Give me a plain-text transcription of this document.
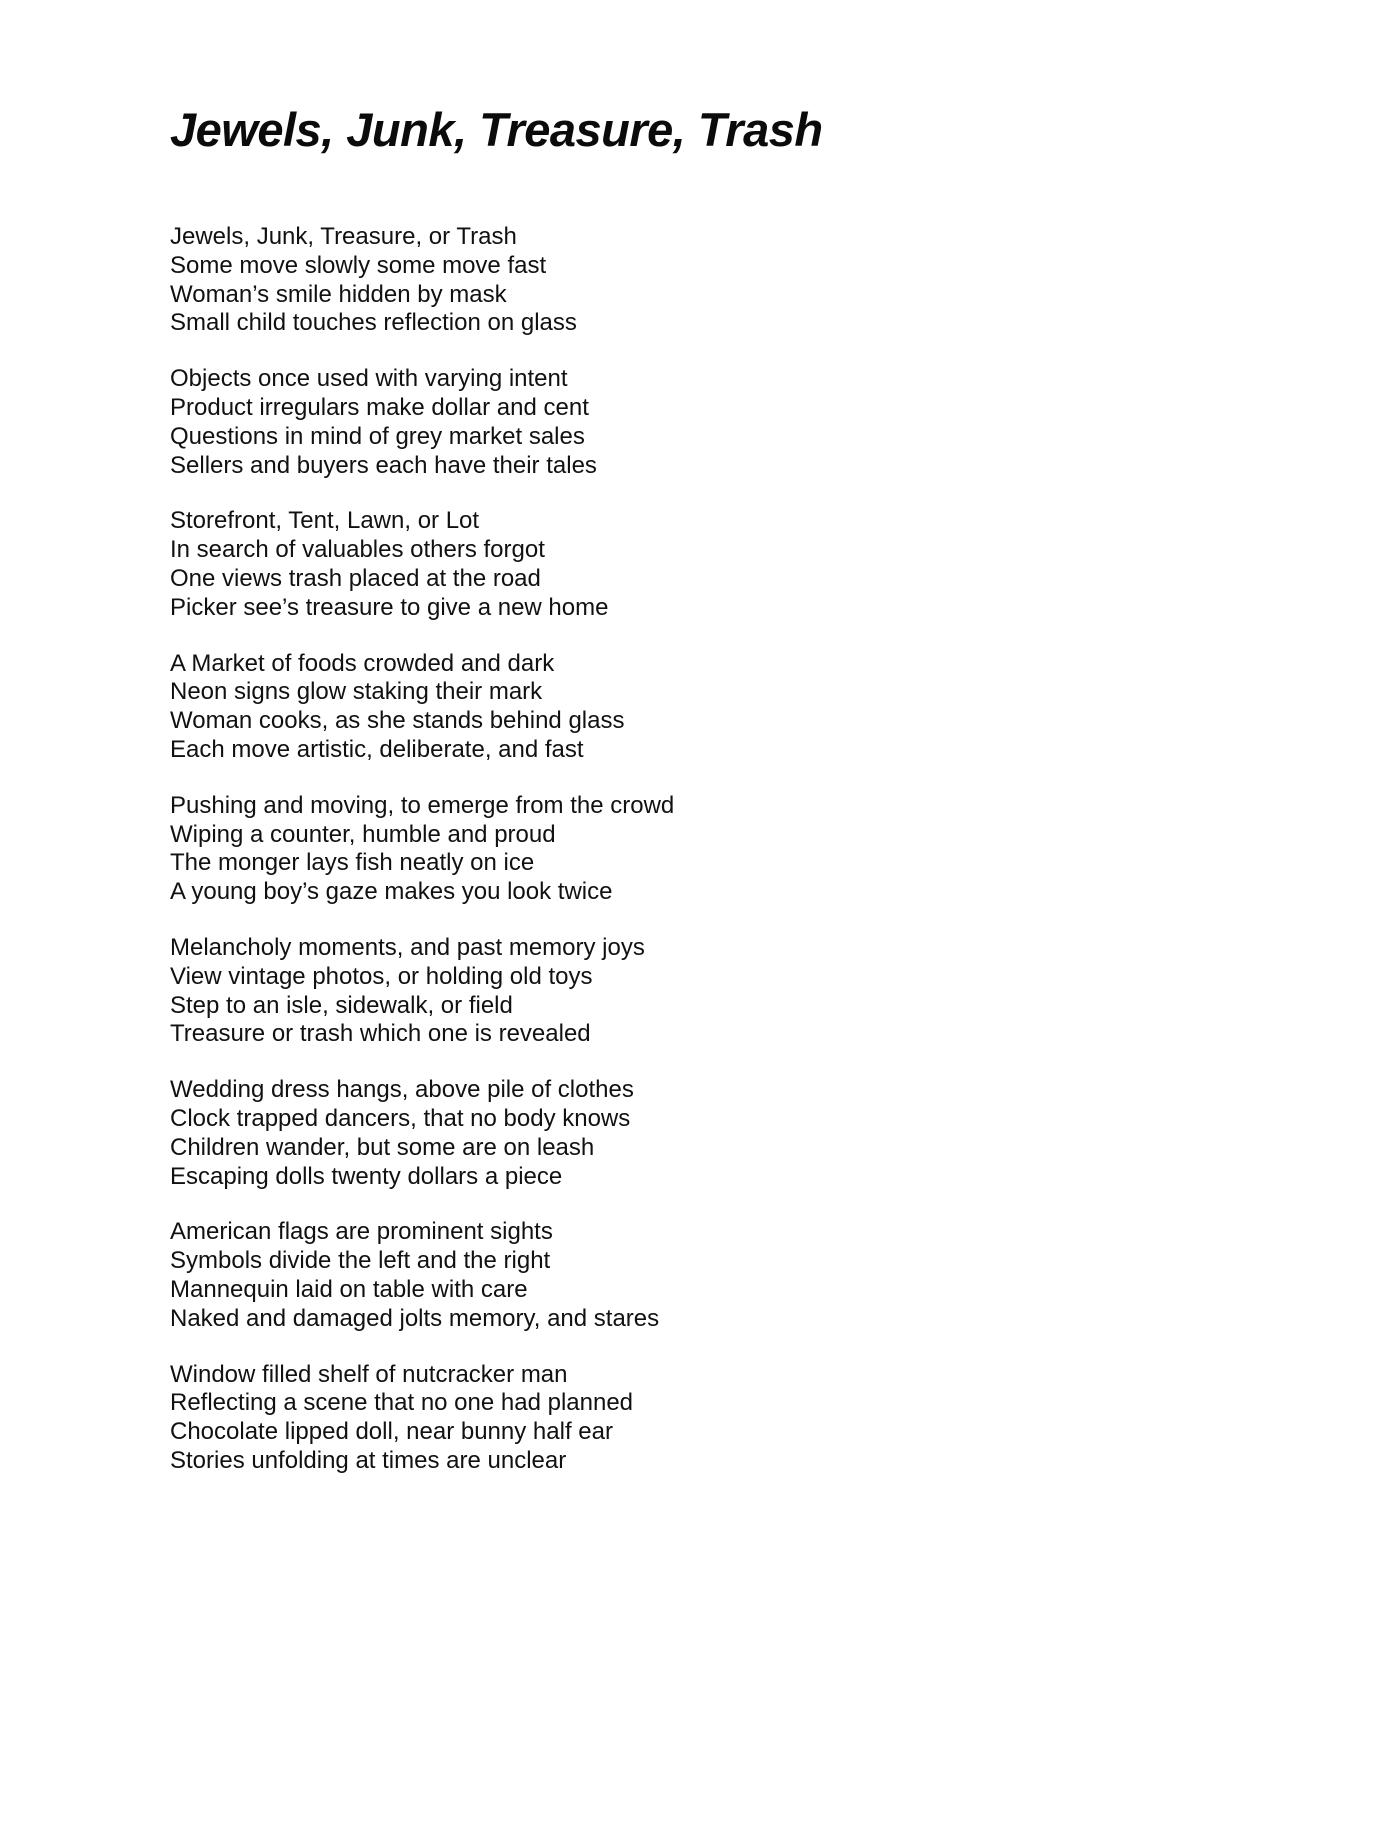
Jewels, Junk, Treasure, Trash
Jewels, Junk, Treasure, or Trash
Some move slowly some move fast
Woman’s smile hidden by mask
Small child touches reflection on glass
Objects once used with varying intent
Product irregulars make dollar and cent
Questions in mind of grey market sales
Sellers and buyers each have their tales
Storefront, Tent, Lawn, or Lot
In search of valuables others forgot
One views trash placed at the road
Picker see’s treasure to give a new home
A Market of foods crowded and dark
Neon signs glow staking their mark
Woman cooks, as she stands behind glass
Each move artistic, deliberate, and fast
Pushing and moving, to emerge from the crowd
Wiping a counter, humble and proud
The monger lays fish neatly on ice
A young boy’s gaze makes you look twice
Melancholy moments, and past memory joys
View vintage photos, or holding old toys
Step to an isle, sidewalk, or field
Treasure or trash which one is revealed
Wedding dress hangs, above pile of clothes
Clock trapped dancers, that no body knows
Children wander, but some are on leash
Escaping dolls twenty dollars a piece
American flags are prominent sights
Symbols divide the left and the right
Mannequin laid on table with care
Naked and damaged jolts memory, and stares
Window filled shelf of nutcracker man
Reflecting a scene that no one had planned
Chocolate lipped doll, near bunny half ear
Stories unfolding at times are unclear
